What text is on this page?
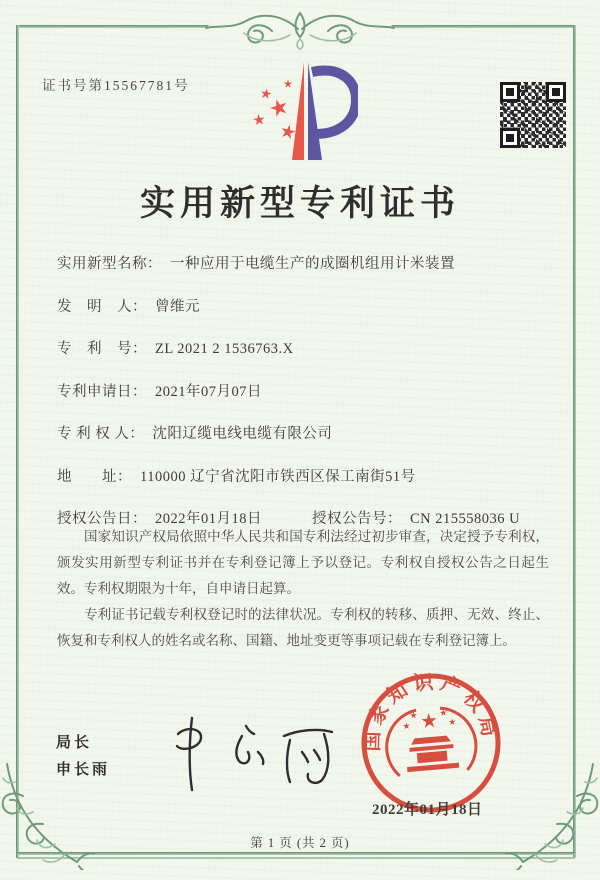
证书号第15567781号
实用新型专利证书
实用新型名称： 一种应用于电缆生产的成圈机组用计米装置
发　明　人： 曾维元
专　利　号： ZL 2021 2 1536763.X
专利申请日： 2021年07月07日
专 利 权 人： 沈阳辽缆电线电缆有限公司
地　　址： 110000 辽宁省沈阳市铁西区保工南街51号
授权公告日： 2022年01月18日	授权公告号： CN 215558036 U

国家知识产权局依照中华人民共和国专利法经过初步审查，决定授予专利权，颁发实用新型专利证书并在专利登记簿上予以登记。专利权自授权公告之日起生效。专利权期限为十年，自申请日起算。

专利证书记载专利权登记时的法律状况。专利权的转移、质押、无效、终止、恢复和专利权人的姓名或名称、国籍、地址变更等事项记载在专利登记簿上。

局长
申长雨
国家知识产权局
2022年01月18日
第 1 页 (共 2 页)
